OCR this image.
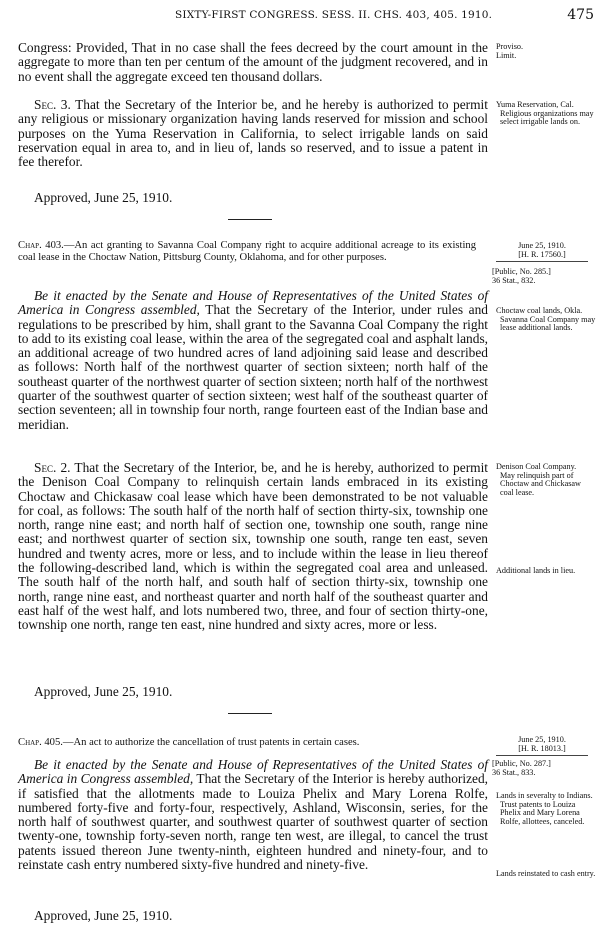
SIXTY-FIRST CONGRESS. SESS. II. CHS. 403, 405. 1910.	475

Congress: Provided, That in no case shall the fees decreed by the court amount in the aggregate to more than ten per centum of the amount of the judgment recovered, and in no event shall the aggregate exceed ten thousand dollars.

Sec. 3. That the Secretary of the Interior be, and he hereby is authorized to permit any religious or missionary organization having lands reserved for mission and school purposes on the Yuma Reservation in California, to select irrigable lands on said reservation equal in area to, and in lieu of, lands so reserved, and to issue a patent in fee therefor.

Approved, June 25, 1910.
Proviso.
Limit.
Yuma Reservation, Cal.
Religious organizations may select irrigable lands on.
Chap. 403.—An act granting to Savanna Coal Company right to acquire additional acreage to its existing coal lease in the Choctaw Nation, Pittsburg County, Oklahoma, and for other purposes.
June 25, 1910.
[H. R. 17560.]
[Public, No. 285.]
36 Stat., 832.

Be it enacted by the Senate and House of Representatives of the United States of America in Congress assembled, That the Secretary of the Interior, under rules and regulations to be prescribed by him, shall grant to the Savanna Coal Company the right to add to its existing coal lease, within the area of the segregated coal and asphalt lands, an additional acreage of two hundred acres of land adjoining said lease and described as follows: North half of the northwest quarter of section sixteen; north half of the southeast quarter of the northwest quarter of section sixteen; north half of the northwest quarter of the southwest quarter of section sixteen; west half of the southeast quarter of section seventeen; all in township four north, range fourteen east of the Indian base and meridian.

Sec. 2. That the Secretary of the Interior, be, and he is hereby, authorized to permit the Denison Coal Company to relinquish certain lands embraced in its existing Choctaw and Chickasaw coal lease which have been demonstrated to be not valuable for coal, as follows: The south half of the north half of section thirty-six, township one north, range nine east; and north half of section one, township one south, range nine east; and northwest quarter of section six, township one south, range ten east, seven hundred and twenty acres, more or less, and to include within the lease in lieu thereof the following-described land, which is within the segregated coal area and unleased. The south half of the north half, and south half of section thirty-six, township one north, range nine east, and northeast quarter and north half of the southeast quarter and east half of the west half, and lots numbered two, three, and four of section thirty-one, township one north, range ten east, nine hundred and sixty acres, more or less.

Approved, June 25, 1910.
Choctaw coal lands, Okla.
Savanna Coal Company may lease additional lands.
Denison Coal Company.
May relinquish part of Choctaw and Chickasaw coal lease.
Additional lands in lieu.
Chap. 405.—An act to authorize the cancellation of trust patents in certain cases.	June 25, 1910.
[H. R. 18013.]
[Public, No. 287.]
36 Stat., 833.

Be it enacted by the Senate and House of Representatives of the United States of America in Congress assembled, That the Secretary of the Interior is hereby authorized, if satisfied that the allotments made to Louiza Phelix and Mary Lorena Rolfe, numbered forty-five and forty-four, respectively, Ashland, Wisconsin, series, for the north half of southwest quarter, and southwest quarter of southwest quarter of section twenty-one, township forty-seven north, range ten west, are illegal, to cancel the trust patents issued thereon June twenty-ninth, eighteen hundred and ninety-four, and to reinstate cash entry numbered sixty-five hundred and ninety-five.

Approved, June 25, 1910.
Lands in severalty to Indians.
Trust patents to Louiza Phelix and Mary Lorena Rolfe, allottees, canceled.
Lands reinstated to cash entry.
